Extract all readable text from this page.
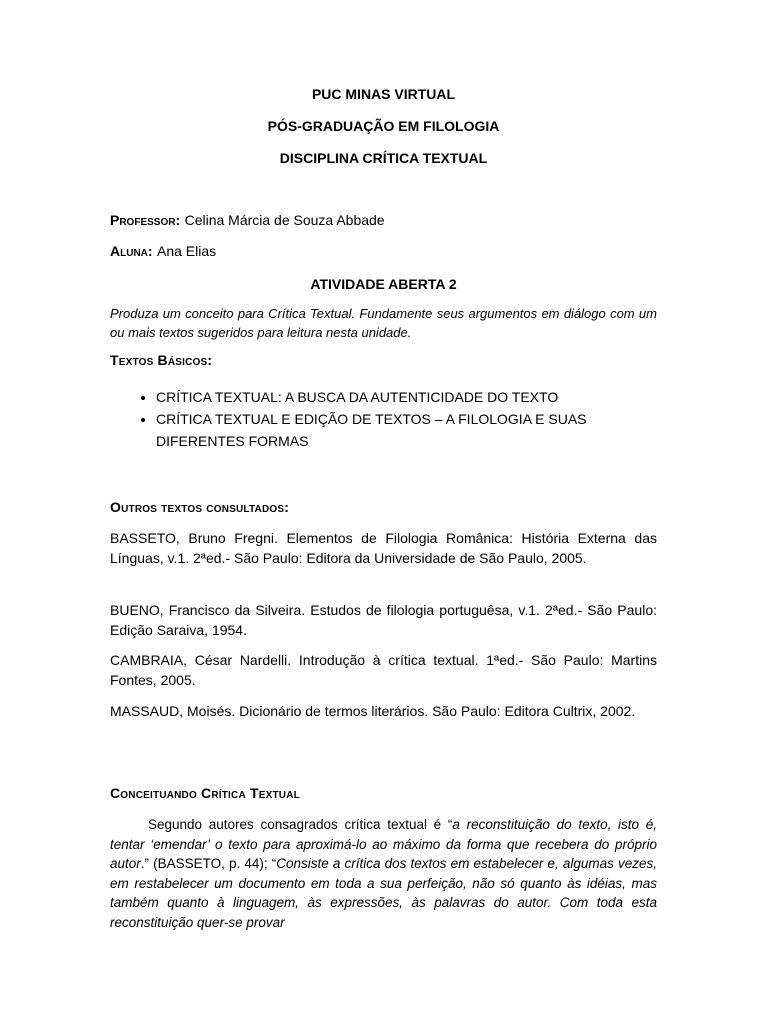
PUC MINAS VIRTUAL
PÓS-GRADUAÇÃO EM FILOLOGIA
DISCIPLINA CRÍTICA TEXTUAL
Professor: Celina Márcia de Souza Abbade
Aluna: Ana Elias
ATIVIDADE ABERTA 2
Produza um conceito para Crítica Textual. Fundamente seus argumentos em diálogo com um ou mais textos sugeridos para leitura nesta unidade.
Textos Básicos:
• CRÍTICA TEXTUAL: A BUSCA DA AUTENTICIDADE DO TEXTO
• CRÍTICA TEXTUAL E EDIÇÃO DE TEXTOS – A FILOLOGIA E SUAS DIFERENTES FORMAS
Outros textos consultados:
BASSETO, Bruno Fregni. Elementos de Filologia Românica: História Externa das Línguas, v.1. 2ªed.- São Paulo: Editora da Universidade de São Paulo, 2005.
BUENO, Francisco da Silveira. Estudos de filologia portuguêsa, v.1. 2ªed.- São Paulo: Edição Saraiva, 1954.
CAMBRAIA, César Nardelli. Introdução à crítica textual. 1ªed.- São Paulo: Martins Fontes, 2005.
MASSAUD, Moisés. Dicionário de termos literários. São Paulo: Editora Cultrix, 2002.
Conceituando Crítica Textual
Segundo autores consagrados crítica textual é “a reconstituição do texto, isto é, tentar ‘emendar’ o texto para aproximá-lo ao máximo da forma que recebera do próprio autor.” (BASSETO, p. 44); “Consiste a crítica dos textos em estabelecer e, algumas vezes, em restabelecer um documento em toda a sua perfeição, não só quanto às idéias, mas também quanto à linguagem, às expressões, às palavras do autor. Com toda esta reconstituição quer-se provar
